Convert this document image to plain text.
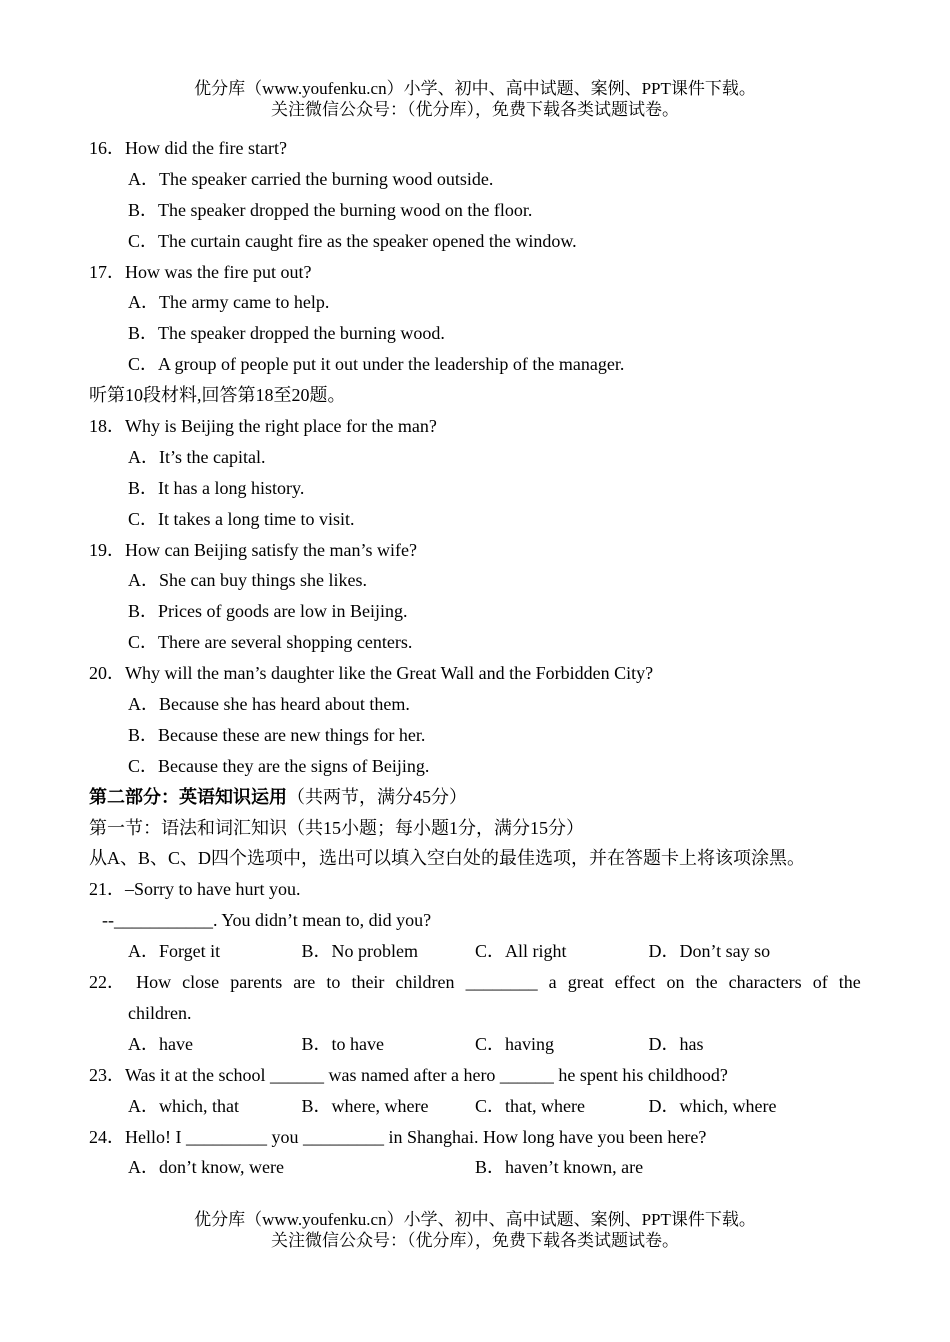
优分库（www.youfenku.cn）小学、初中、高中试题、案例、PPT课件下载。
关注微信公众号：（优分库），免费下载各类试题试卷。
16．How did the fire start?
A．The speaker carried the burning wood outside.
B．The speaker dropped the burning wood on the floor.
C．The curtain caught fire as the speaker opened the window.
17．How was the fire put out?
A．The army came to help.
B．The speaker dropped the burning wood.
C．A group of people put it out under the leadership of the manager.
听第10段材料,回答第18至20题。
18．Why is Beijing the right place for the man?
A．It’s the capital.
B．It has a long history.
C．It takes a long time to visit.
19．How can Beijing satisfy the man’s wife?
A．She can buy things she likes.
B．Prices of goods are low in Beijing.
C．There are several shopping centers.
20．Why will the man’s daughter like the Great Wall and the Forbidden City?
A．Because she has heard about them.
B．Because these are new things for her.
C．Because they are the signs of Beijing.
第二部分：英语知识运用（共两节，满分45分）
第一节：语法和词汇知识（共15小题；每小题1分，满分15分）
从A、B、C、D四个选项中，选出可以填入空白处的最佳选项，并在答题卡上将该项涂黑。
21．–Sorry to have hurt you.
--___________. You didn’t mean to, did you?
A．Forget it	B．No problem	C．All right	D．Don’t say so
22． How close parents are to their children ________ a great effect on the characters of the
children.
A．have	B．to have	C．having	D．has
23．Was it at the school ______ was named after a hero ______ he spent his childhood?
A．which, that	B．where, where	C．that, where	D．which, where
24．Hello! I _________ you _________ in Shanghai. How long have you been here?
A．don’t know, were	B．haven’t known, are
优分库（www.youfenku.cn）小学、初中、高中试题、案例、PPT课件下载。
关注微信公众号：（优分库），免费下载各类试题试卷。
